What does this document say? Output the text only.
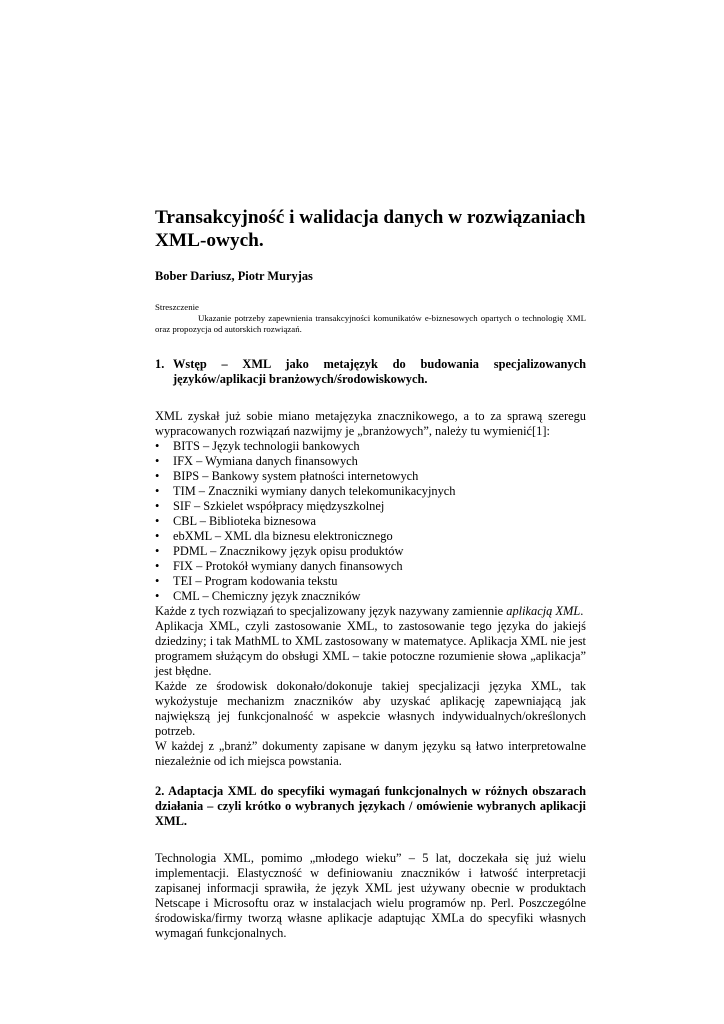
Transakcyjność i walidacja danych w rozwiązaniach
XML-owych.

Bober Dariusz, Piotr Muryjas

Streszczenie

Ukazanie potrzeby zapewnienia transakcyjności komunikatów e-biznesowych opartych o technologię XML oraz propozycja od autorskich rozwiązań.

1. Wstęp – XML jako metajęzyk do budowania specjalizowanych języków/aplikacji branżowych/środowiskowych.

XML zyskał już sobie miano metajęzyka znacznikowego, a to za sprawą szeregu wypracowanych rozwiązań nazwijmy je „branżowych”, należy tu wymienić[1]:

•	BITS – Język technologii bankowych
•	IFX – Wymiana danych finansowych
•	BIPS – Bankowy system płatności internetowych
•	TIM – Znaczniki wymiany danych telekomunikacyjnych
•	SIF – Szkielet współpracy międzyszkolnej
•	CBL – Biblioteka biznesowa
•	ebXML – XML dla biznesu elektronicznego
•	PDML – Znacznikowy język opisu produktów
•	FIX – Protokół wymiany danych finansowych
•	TEI – Program kodowania tekstu
•	CML – Chemiczny język znaczników

Każde z tych rozwiązań to specjalizowany język nazywany zamiennie aplikacją XML.

Aplikacja XML, czyli zastosowanie XML, to zastosowanie tego języka do jakiejś dziedziny; i tak MathML to XML zastosowany w matematyce. Aplikacja XML nie jest programem służącym do obsługi XML – takie potoczne rozumienie słowa „aplikacja” jest błędne.

Każde ze środowisk dokonało/dokonuje takiej specjalizacji języka XML, tak wykożystuje mechanizm znaczników aby uzyskać aplikację zapewniającą jak największą jej funkcjonalność w aspekcie własnych indywidualnych/określonych potrzeb.

W każdej z „branż” dokumenty zapisane w danym języku są łatwo interpretowalne niezależnie od ich miejsca powstania.

2. Adaptacja XML do specyfiki wymagań funkcjonalnych w różnych obszarach działania – czyli krótko o wybranych językach / omówienie wybranych aplikacji XML.

Technologia XML, pomimo „młodego wieku” – 5 lat, doczekała się już wielu implementacji. Elastyczność w definiowaniu znaczników i łatwość interpretacji zapisanej informacji sprawiła, że język XML jest używany obecnie w produktach Netscape i Microsoftu oraz w instalacjach wielu programów np. Perl. Poszczególne środowiska/firmy tworzą własne aplikacje adaptując XMLa do specyfiki własnych wymagań funkcjonalnych.
